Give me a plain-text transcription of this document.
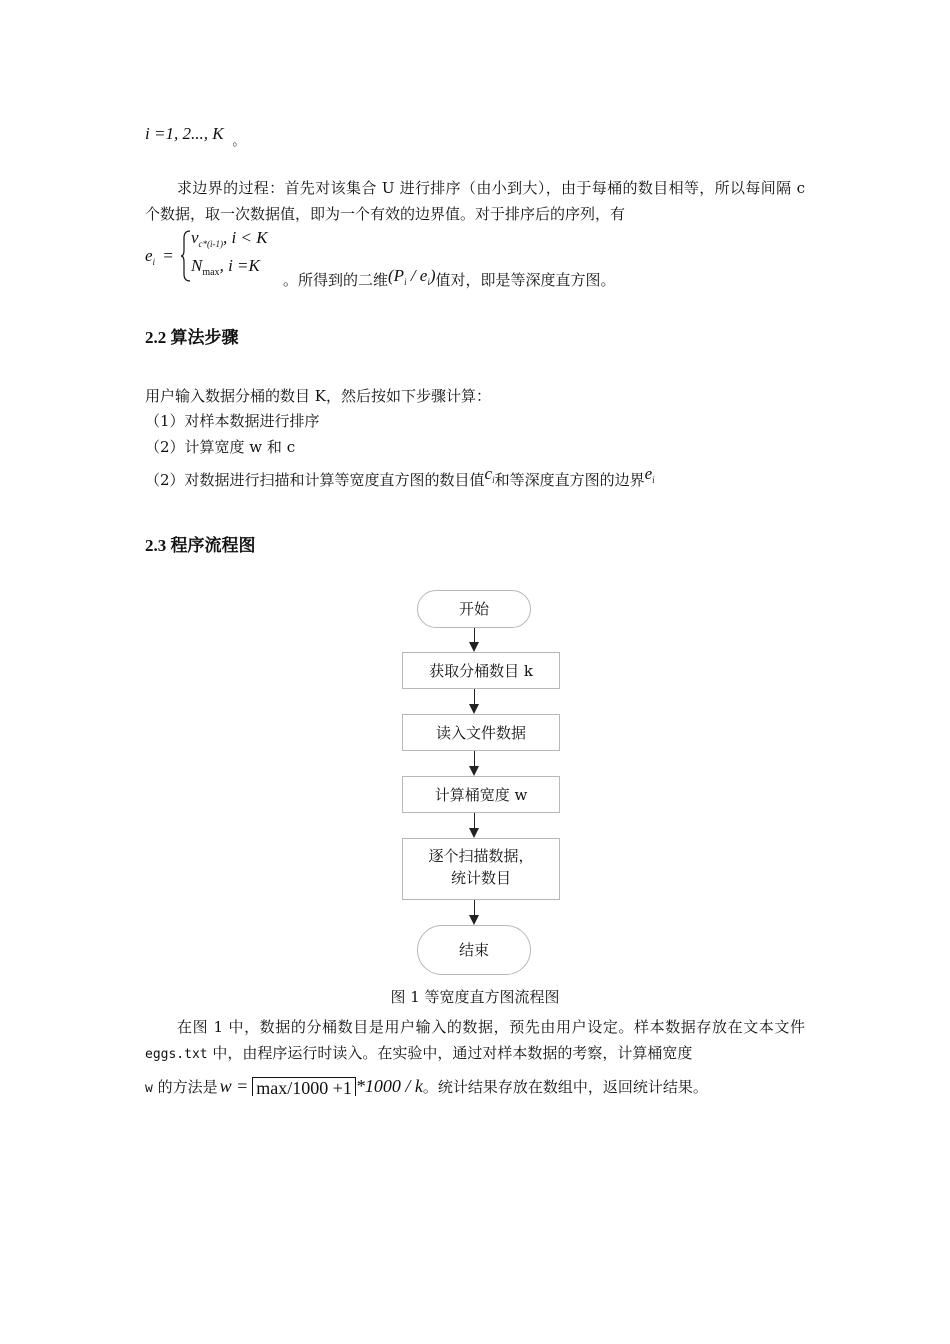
i =1, 2..., K 。
求边界的过程：首先对该集合 U 进行排序（由小到大），由于每桶的数目相等，所以每间隔 c 个数据，取一次数据值，即为一个有效的边界值。对于排序后的序列，有
$e_i$ =
$v_{c*(i-1)}$, i < K
$N_{max}$, i =K
。所得到的二维$(P_i / e_i)$值对，即是等深度直方图。
2.2 算法步骤
用户输入数据分桶的数目 K，然后按如下步骤计算：
（1）对样本数据进行排序
（2）计算宽度 w 和 c
（2）对数据进行扫描和计算等宽度直方图的数目值$c_i$和等深度直方图的边界$e_i$
2.3 程序流程图
开始
获取分桶数目 k
读入文件数据
计算桶宽度 w
逐个扫描数据，
统计数目
结束
图 1 等宽度直方图流程图
在图 1 中，数据的分桶数目是用户输入的数据，预先由用户设定。样本数据存放在文本文件 eggs.txt 中，由程序运行时读入。在实验中，通过对样本数据的考察，计算桶宽度
w 的方法是 w = max/1000 +1 *1000 / k。统计结果存放在数组中，返回统计结果。
